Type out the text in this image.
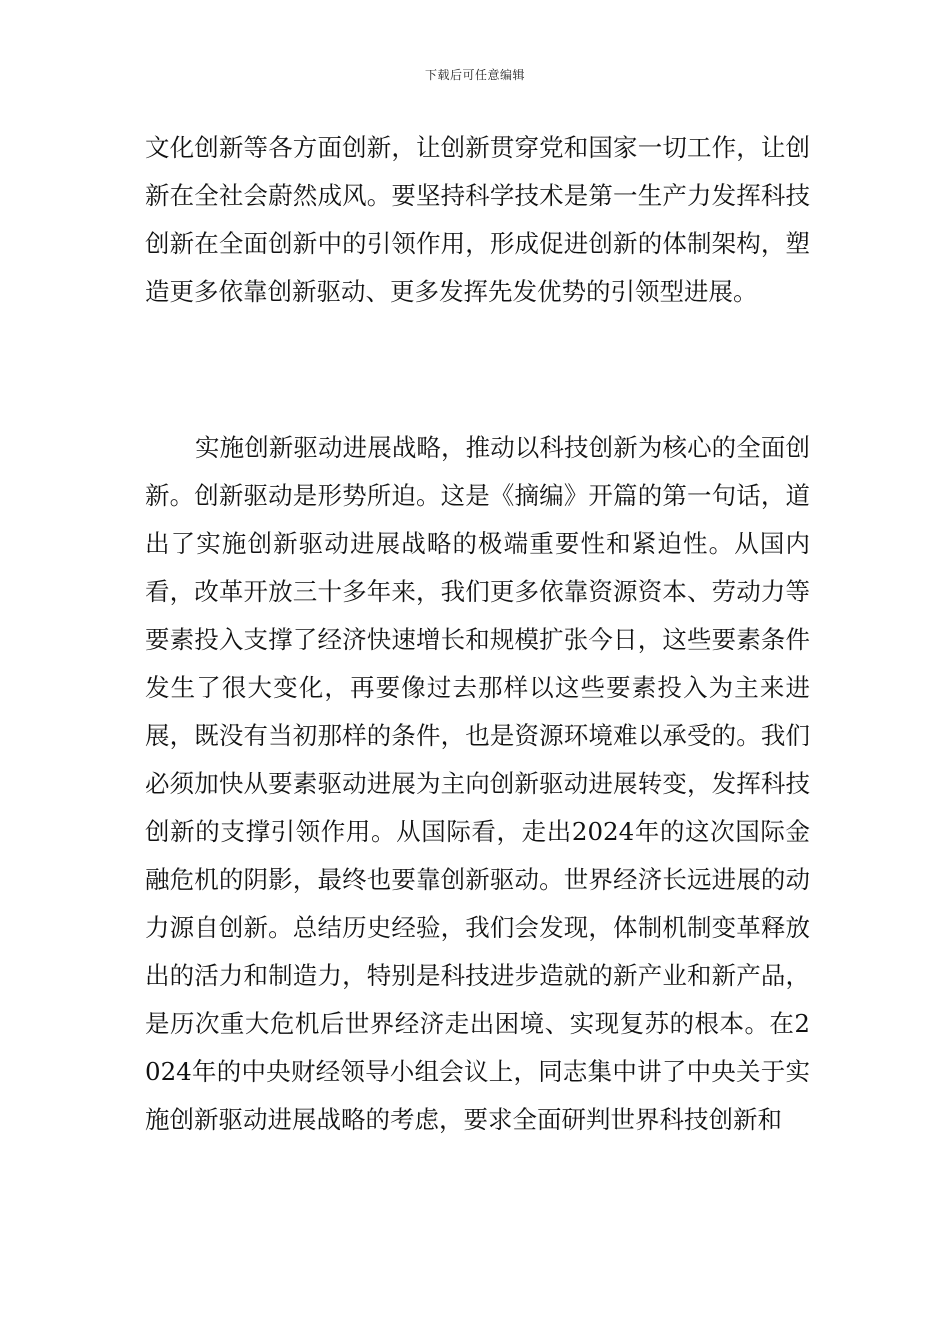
下载后可任意编辑

文化创新等各方面创新，让创新贯穿党和国家一切工作，让创新在全社会蔚然成风。要坚持科学技术是第一生产力发挥科技创新在全面创新中的引领作用，形成促进创新的体制架构，塑造更多依靠创新驱动、更多发挥先发优势的引领型进展。

实施创新驱动进展战略，推动以科技创新为核心的全面创新。创新驱动是形势所迫。这是《摘编》开篇的第一句话，道出了实施创新驱动进展战略的极端重要性和紧迫性。从国内看，改革开放三十多年来，我们更多依靠资源资本、劳动力等要素投入支撑了经济快速增长和规模扩张今日，这些要素条件发生了很大变化，再要像过去那样以这些要素投入为主来进展，既没有当初那样的条件，也是资源环境难以承受的。我们必须加快从要素驱动进展为主向创新驱动进展转变，发挥科技创新的支撑引领作用。从国际看，走出2024年的这次国际金融危机的阴影，最终也要靠创新驱动。世界经济长远进展的动力源自创新。总结历史经验，我们会发现，体制机制变革释放出的活力和制造力，特别是科技进步造就的新产业和新产品，是历次重大危机后世界经济走出困境、实现复苏的根本。在2024年的中央财经领导小组会议上，同志集中讲了中央关于实施创新驱动进展战略的考虑，要求全面研判世界科技创新和
